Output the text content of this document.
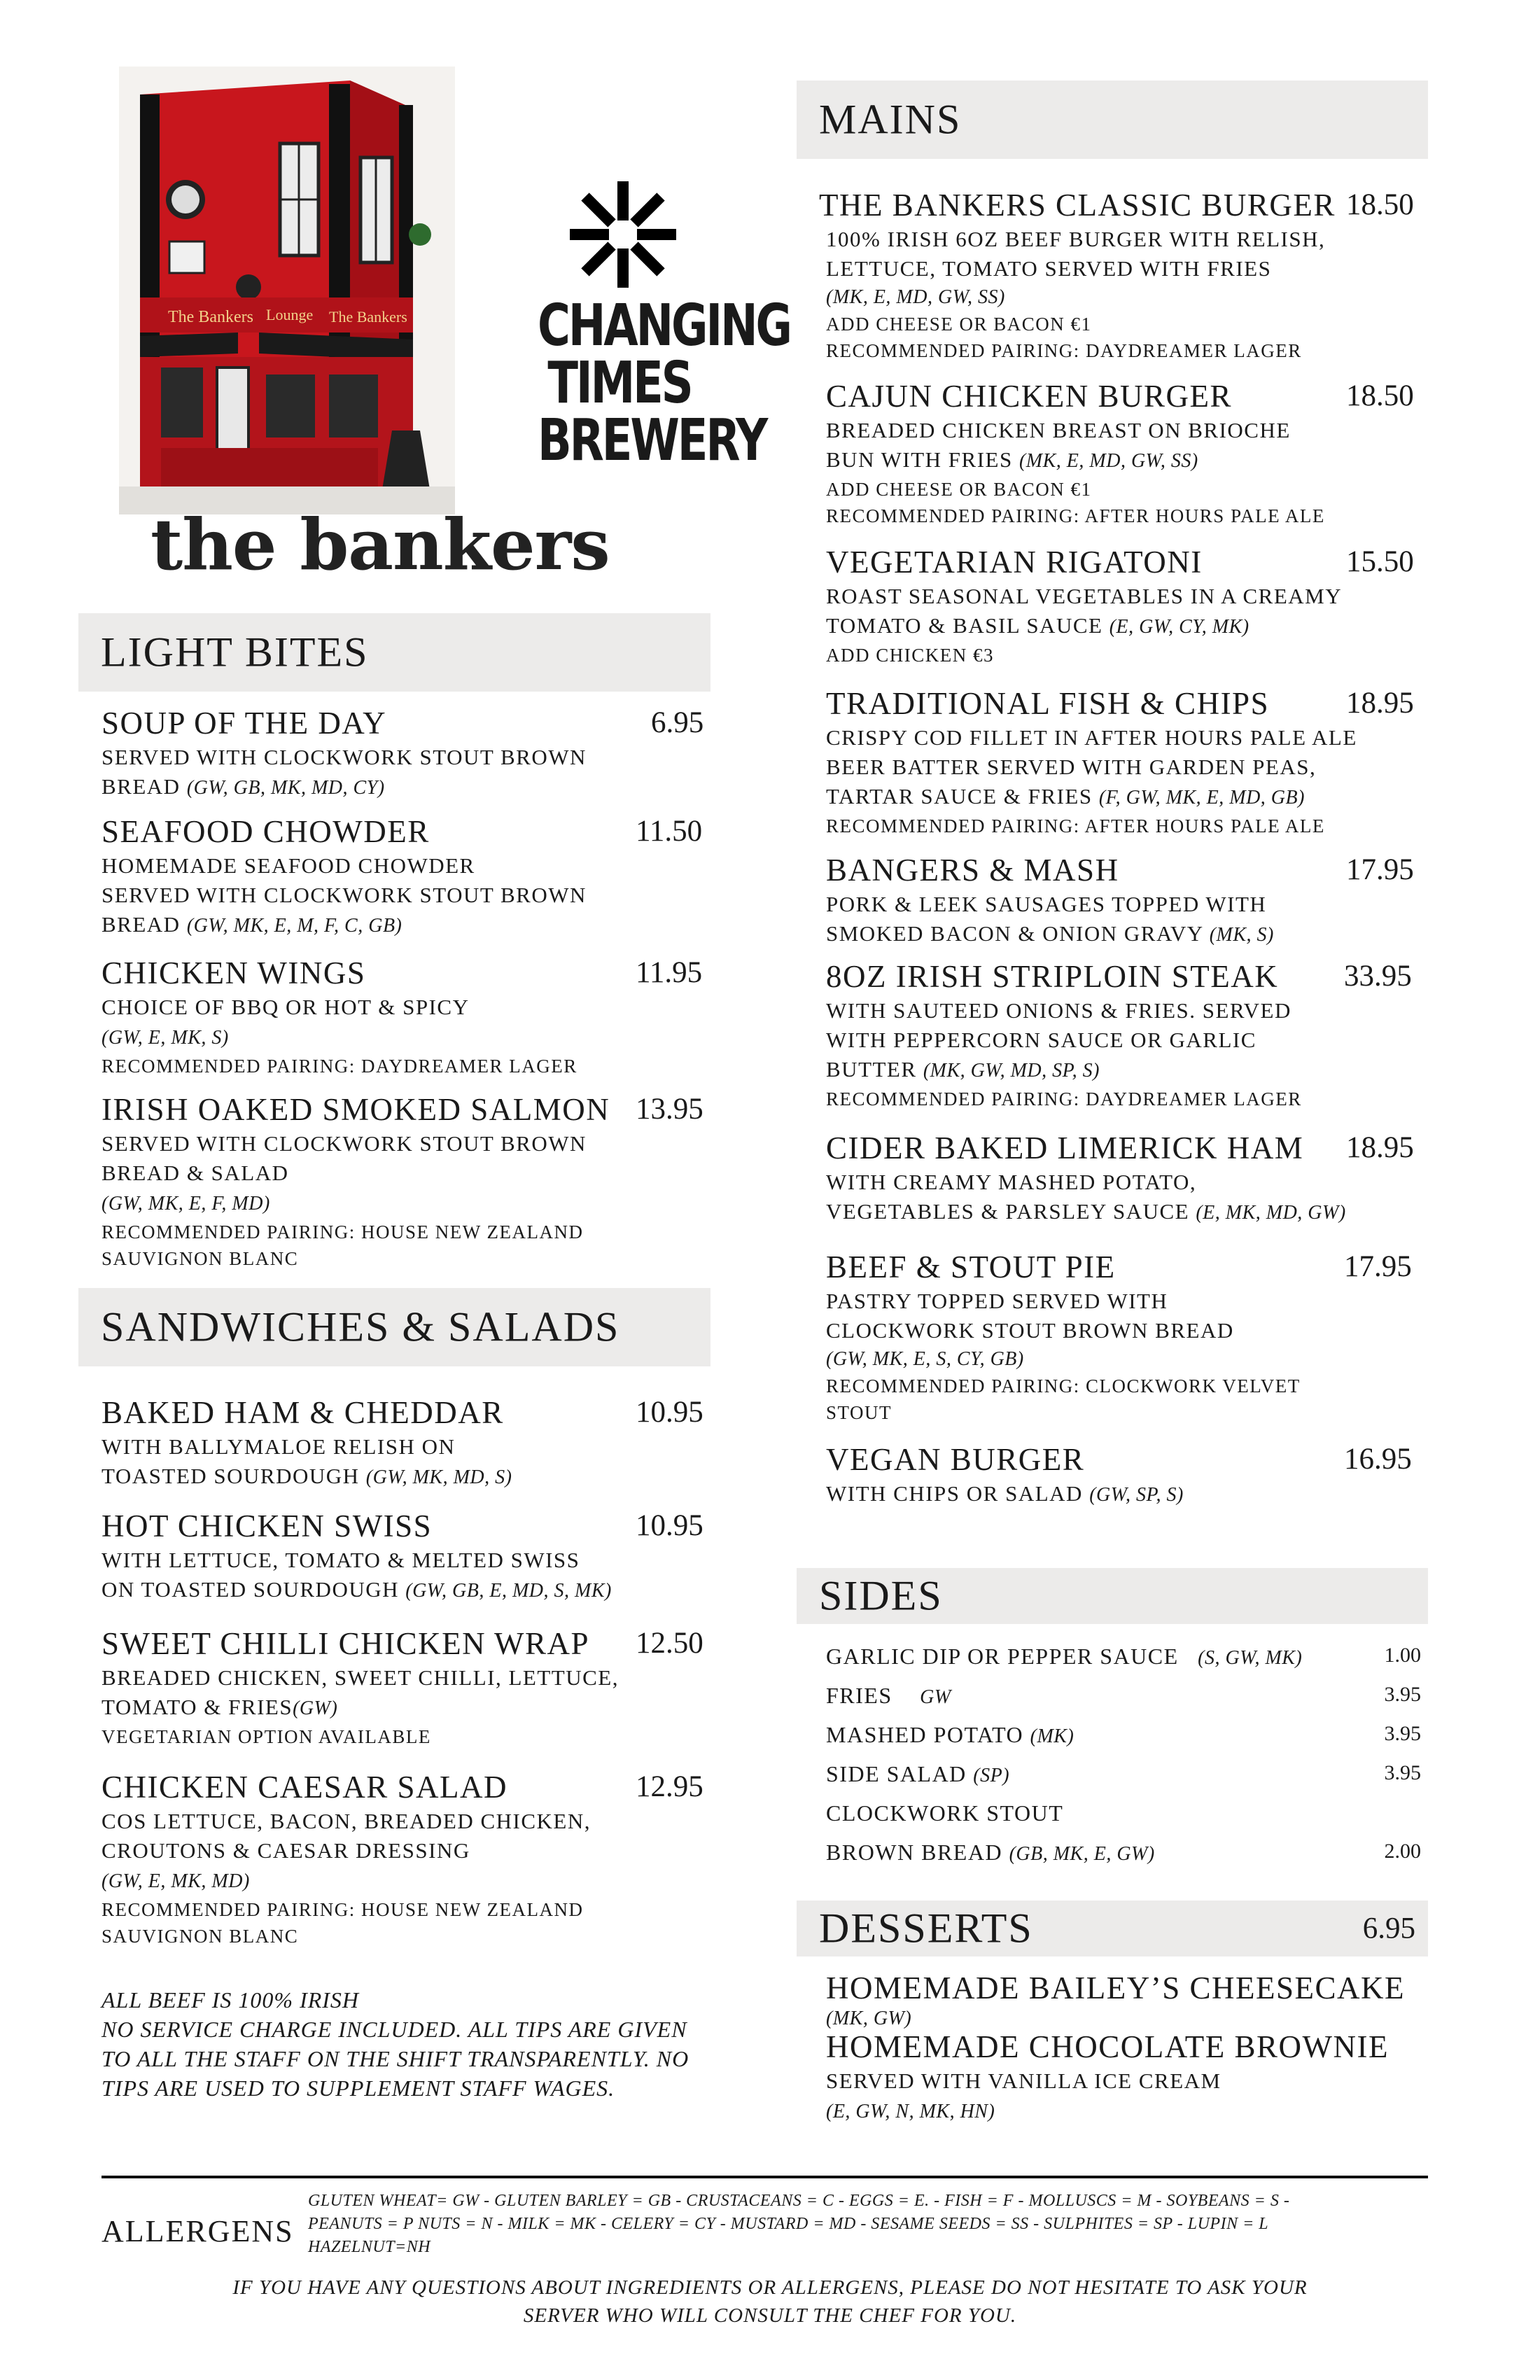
The Bankers Lounge The Bankers
the bankers
CHANGING
TIMES
BREWERY
LIGHT BITES
SOUP OF THE DAY	6.95
SERVED WITH CLOCKWORK STOUT BROWN
BREAD (GW, GB, MK, MD, CY)
SEAFOOD CHOWDER	11.50
HOMEMADE SEAFOOD CHOWDER
SERVED WITH CLOCKWORK STOUT BROWN
BREAD (GW, MK, E, M, F, C, GB)
CHICKEN WINGS	11.95
CHOICE OF BBQ OR HOT & SPICY
(GW, E, MK, S)
RECOMMENDED PAIRING: DAYDREAMER LAGER
IRISH OAKED SMOKED SALMON 13.95
SERVED WITH CLOCKWORK STOUT BROWN
BREAD & SALAD
(GW, MK, E, F, MD)
RECOMMENDED PAIRING: HOUSE NEW ZEALAND
SAUVIGNON BLANC
SANDWICHES & SALADS
BAKED HAM & CHEDDAR	10.95
WITH BALLYMALOE RELISH ON
TOASTED SOURDOUGH (GW, MK, MD, S)
HOT CHICKEN SWISS	10.95
WITH LETTUCE, TOMATO & MELTED SWISS
ON TOASTED SOURDOUGH (GW, GB, E, MD, S, MK)
SWEET CHILLI CHICKEN WRAP	12.50
BREADED CHICKEN, SWEET CHILLI, LETTUCE,
TOMATO & FRIES(GW)
VEGETARIAN OPTION AVAILABLE
CHICKEN CAESAR SALAD	12.95
COS LETTUCE, BACON, BREADED CHICKEN,
CROUTONS & CAESAR DRESSING
(GW, E, MK, MD)
RECOMMENDED PAIRING: HOUSE NEW ZEALAND
SAUVIGNON BLANC
ALL BEEF IS 100% IRISH
NO SERVICE CHARGE INCLUDED. ALL TIPS ARE GIVEN
TO ALL THE STAFF ON THE SHIFT TRANSPARENTLY. NO
TIPS ARE USED TO SUPPLEMENT STAFF WAGES.
MAINS
THE BANKERS CLASSIC BURGER 18.50
100% IRISH 6OZ BEEF BURGER WITH RELISH,
LETTUCE, TOMATO SERVED WITH FRIES
(MK, E, MD, GW, SS)
ADD CHEESE OR BACON €1
RECOMMENDED PAIRING: DAYDREAMER LAGER
CAJUN CHICKEN BURGER	18.50
BREADED CHICKEN BREAST ON BRIOCHE
BUN WITH FRIES (MK, E, MD, GW, SS)
ADD CHEESE OR BACON €1
RECOMMENDED PAIRING: AFTER HOURS PALE ALE
VEGETARIAN RIGATONI	15.50
ROAST SEASONAL VEGETABLES IN A CREAMY
TOMATO & BASIL SAUCE (E, GW, CY, MK)
ADD CHICKEN €3
TRADITIONAL FISH & CHIPS	18.95
CRISPY COD FILLET IN AFTER HOURS PALE ALE
BEER BATTER SERVED WITH GARDEN PEAS,
TARTAR SAUCE & FRIES (F, GW, MK, E, MD, GB)
RECOMMENDED PAIRING: AFTER HOURS PALE ALE
BANGERS & MASH	17.95
PORK & LEEK SAUSAGES TOPPED WITH
SMOKED BACON & ONION GRAVY (MK, S)
8OZ IRISH STRIPLOIN STEAK	33.95
WITH SAUTEED ONIONS & FRIES. SERVED
WITH PEPPERCORN SAUCE OR GARLIC
BUTTER (MK, GW, MD, SP, S)
RECOMMENDED PAIRING: DAYDREAMER LAGER
CIDER BAKED LIMERICK HAM	18.95
WITH CREAMY MASHED POTATO,
VEGETABLES & PARSLEY SAUCE (E, MK, MD, GW)
BEEF & STOUT PIE	17.95
PASTRY TOPPED SERVED WITH
CLOCKWORK STOUT BROWN BREAD
(GW, MK, E, S, CY, GB)
RECOMMENDED PAIRING: CLOCKWORK VELVET
STOUT
VEGAN BURGER	16.95
WITH CHIPS OR SALAD (GW, SP, S)
SIDES
GARLIC DIP OR PEPPER SAUCE (S, GW, MK)	1.00
FRIES GW	3.95
MASHED POTATO (MK)	3.95
SIDE SALAD (SP)	3.95
CLOCKWORK STOUT
BROWN BREAD (GB, MK, E, GW)	2.00
DESSERTS	6.95
HOMEMADE BAILEY’S CHEESECAKE
(MK, GW)
HOMEMADE CHOCOLATE BROWNIE
SERVED WITH VANILLA ICE CREAM
(E, GW, N, MK, HN)
ALLERGENS
GLUTEN WHEAT= GW - GLUTEN BARLEY = GB - CRUSTACEANS = C - EGGS = E. - FISH = F - MOLLUSCS = M - SOYBEANS = S -
PEANUTS = P NUTS = N - MILK = MK - CELERY = CY - MUSTARD = MD - SESAME SEEDS = SS - SULPHITES = SP - LUPIN = L
HAZELNUT=NH
IF YOU HAVE ANY QUESTIONS ABOUT INGREDIENTS OR ALLERGENS, PLEASE DO NOT HESITATE TO ASK YOUR
SERVER WHO WILL CONSULT THE CHEF FOR YOU.
